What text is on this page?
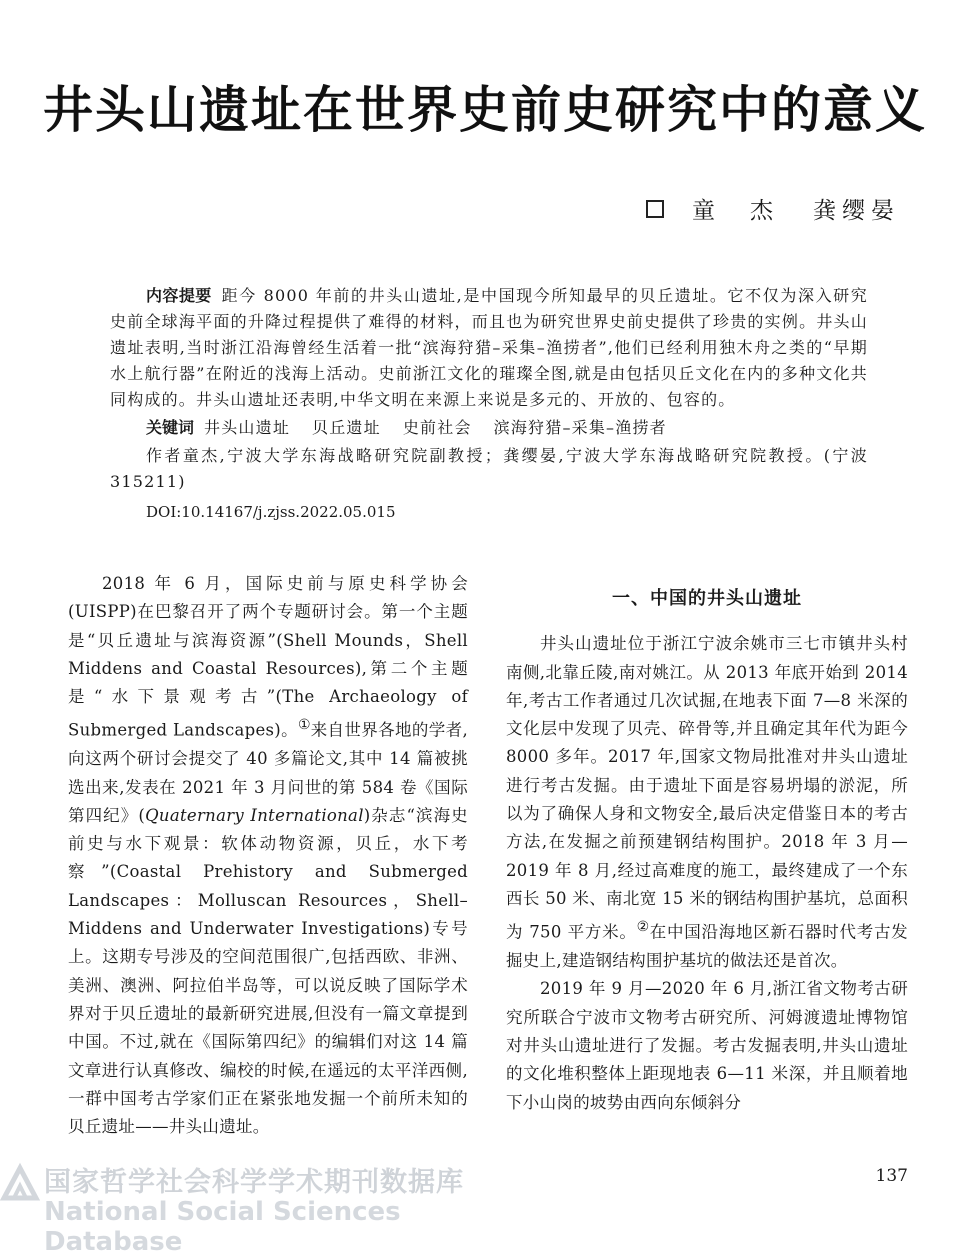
井头山遗址在世界史前史研究中的意义
童　杰 龚缨晏

内容提要 距今 8000 年前的井头山遗址,是中国现今所知最早的贝丘遗址。它不仅为深入研究史前全球海平面的升降过程提供了难得的材料，而且也为研究世界史前史提供了珍贵的实例。井头山遗址表明,当时浙江沿海曾经生活着一批“滨海狩猎–采集–渔捞者”,他们已经利用独木舟之类的“早期水上航行器”在附近的浅海上活动。史前浙江文化的璀璨全图,就是由包括贝丘文化在内的多种文化共同构成的。井头山遗址还表明,中华文明在来源上来说是多元的、开放的、包容的。

关键词 井头山遗址 贝丘遗址 史前社会 滨海狩猎–采集–渔捞者

作者童杰,宁波大学东海战略研究院副教授；龚缨晏,宁波大学东海战略研究院教授。(宁波　315211)

DOI:10.14167/j.zjss.2022.05.015

2018 年 6 月，国际史前与原史科学协会 (UISPP)在巴黎召开了两个专题研讨会。第一个主题是“贝丘遗址与滨海资源”(Shell Mounds，Shell Middens and Coastal Resources),第二个主题是“水下景观考古”(The Archaeology of Submerged Landscapes)。①来自世界各地的学者,向这两个研讨会提交了 40 多篇论文,其中 14 篇被挑选出来,发表在 2021 年 3 月问世的第 584 卷《国际第四纪》(Quaternary International)杂志“滨海史前史与水下观景：软体动物资源，贝丘，水下考察”(Coastal Prehistory and Submerged Landscapes：Molluscan Resources，Shell–Middens and Underwater Investigations)专号上。这期专号涉及的空间范围很广,包括西欧、非洲、美洲、澳洲、阿拉伯半岛等，可以说反映了国际学术界对于贝丘遗址的最新研究进展,但没有一篇文章提到中国。不过,就在《国际第四纪》的编辑们对这 14 篇文章进行认真修改、编校的时候,在遥远的太平洋西侧,一群中国考古学家们正在紧张地发掘一个前所未知的贝丘遗址——井头山遗址。

一、中国的井头山遗址

井头山遗址位于浙江宁波余姚市三七市镇井头村南侧,北靠丘陵,南对姚江。从 2013 年底开始到 2014 年,考古工作者通过几次试掘,在地表下面 7—8 米深的文化层中发现了贝壳、碎骨等,并且确定其年代为距今 8000 多年。2017 年,国家文物局批准对井头山遗址进行考古发掘。由于遗址下面是容易坍塌的淤泥，所以为了确保人身和文物安全,最后决定借鉴日本的考古方法,在发掘之前预建钢结构围护。2018 年 3 月—2019 年 8 月,经过高难度的施工，最终建成了一个东西长 50 米、南北宽 15 米的钢结构围护基坑，总面积为 750 平方米。②在中国沿海地区新石器时代考古发掘史上,建造钢结构围护基坑的做法还是首次。

2019 年 9 月—2020 年 6 月,浙江省文物考古研究所联合宁波市文物考古研究所、河姆渡遗址博物馆对井头山遗址进行了发掘。考古发掘表明,井头山遗址的文化堆积整体上距现地表 6—11 米深，并且顺着地下小山岗的坡势由西向东倾斜分

国家哲学社会科学学术期刊数据库
National Social Sciences Database
137
